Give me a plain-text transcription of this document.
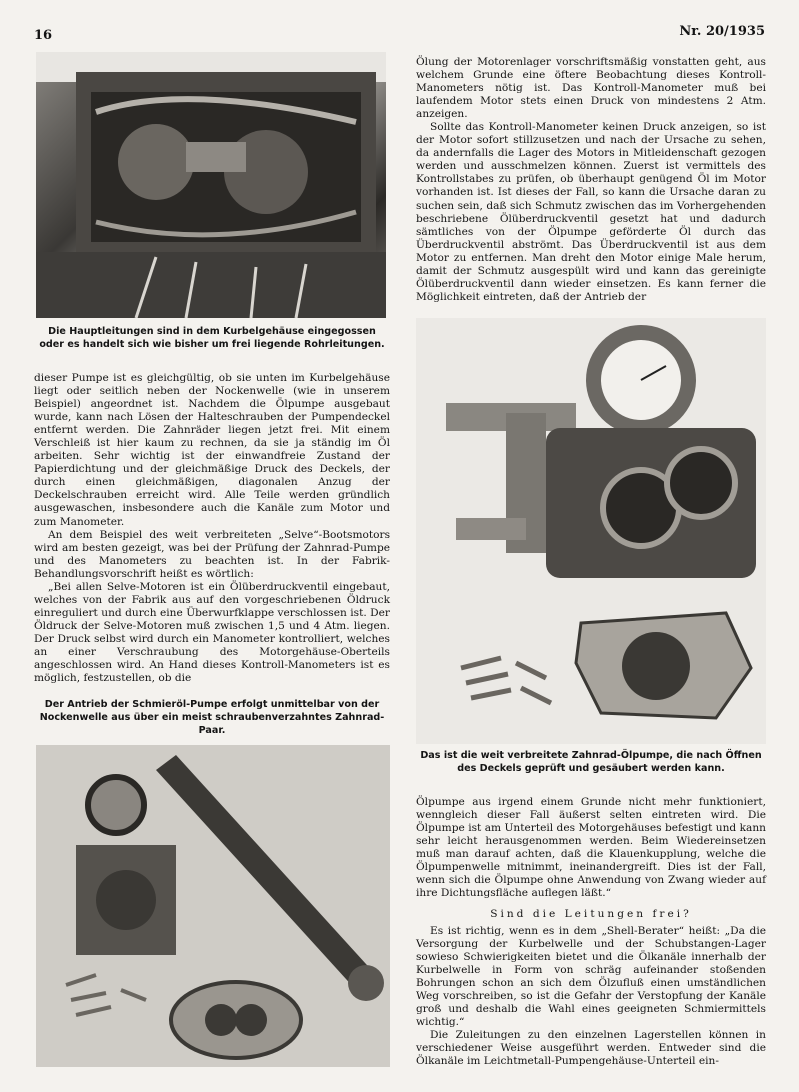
16	Nr. 20/1935

Die Hauptleitungen sind in dem Kurbelgehäuse eingegossen oder es handelt sich wie bisher um frei liegende Rohrleitungen.

dieser Pumpe ist es gleichgültig, ob sie unten im Kurbelgehäuse liegt oder seitlich neben der Nockenwelle (wie in unserem Beispiel) angeordnet ist. Nachdem die Ölpumpe ausgebaut wurde, kann nach Lösen der Halteschrauben der Pumpendeckel entfernt werden. Die Zahnräder liegen jetzt frei. Mit einem Verschleiß ist hier kaum zu rechnen, da sie ja ständig im Öl arbeiten. Sehr wichtig ist der einwandfreie Zustand der Papierdichtung und der gleichmäßige Druck des Deckels, der durch einen gleichmäßigen, diagonalen Anzug der Deckelschrauben erreicht wird. Alle Teile werden gründlich ausgewaschen, insbesondere auch die Kanäle zum Motor und zum Manometer.

An dem Beispiel des weit verbreiteten „Selve“-Bootsmotors wird am besten gezeigt, was bei der Prüfung der Zahnrad-Pumpe und des Manometers zu beachten ist. In der Fabrik-Behandlungsvorschrift heißt es wörtlich:

„Bei allen Selve-Motoren ist ein Ölüberdruckventil eingebaut, welches von der Fabrik aus auf den vorgeschriebenen Öldruck einreguliert und durch eine Überwurfklappe verschlossen ist. Der Öldruck der Selve-Motoren muß zwischen 1,5 und 4 Atm. liegen. Der Druck selbst wird durch ein Manometer kontrolliert, welches an einer Verschraubung des Motorgehäuse-Oberteils angeschlossen wird. An Hand dieses Kontroll-Manometers ist es möglich, festzustellen, ob die

Der Antrieb der Schmieröl-Pumpe erfolgt unmittelbar von der Nockenwelle aus über ein meist schraubenverzahntes Zahnrad-Paar.

Ölung der Motorenlager vorschriftsmäßig vonstatten geht, aus welchem Grunde eine öftere Beobachtung dieses Kontroll-Manometers nötig ist. Das Kontroll-Manometer muß bei laufendem Motor stets einen Druck von mindestens 2 Atm. anzeigen.

Sollte das Kontroll-Manometer keinen Druck anzeigen, so ist der Motor sofort stillzusetzen und nach der Ursache zu sehen, da andernfalls die Lager des Motors in Mitleidenschaft gezogen werden und ausschmelzen können. Zuerst ist vermittels des Kontrollstabes zu prüfen, ob überhaupt genügend Öl im Motor vorhanden ist. Ist dieses der Fall, so kann die Ursache daran zu suchen sein, daß sich Schmutz zwischen das im Vorhergehenden beschriebene Ölüberdruckventil gesetzt hat und dadurch sämtliches von der Ölpumpe geförderte Öl durch das Überdruckventil abströmt. Das Überdruckventil ist aus dem Motor zu entfernen. Man dreht den Motor einige Male herum, damit der Schmutz ausgespült wird und kann das gereinigte Ölüberdruckventil dann wieder einsetzen. Es kann ferner die Möglichkeit eintreten, daß der Antrieb der

Das ist die weit verbreitete Zahnrad-Ölpumpe, die nach Öffnen des Deckels geprüft und gesäubert werden kann.

Ölpumpe aus irgend einem Grunde nicht mehr funktioniert, wenngleich dieser Fall äußerst selten eintreten wird. Die Ölpumpe ist am Unterteil des Motorgehäuses befestigt und kann sehr leicht herausgenommen werden. Beim Wiedereinsetzen muß man darauf achten, daß die Klauenkupplung, welche die Ölpumpenwelle mitnimmt, ineinandergreift. Dies ist der Fall, wenn sich die Ölpumpe ohne Anwendung von Zwang wieder auf ihre Dichtungsfläche auflegen läßt.“

Sind die Leitungen frei?

Es ist richtig, wenn es in dem „Shell-Berater“ heißt: „Da die Versorgung der Kurbelwelle und der Schubstangen-Lager sowieso Schwierigkeiten bietet und die Ölkanäle innerhalb der Kurbelwelle in Form von schräg aufeinander stoßenden Bohrungen schon an sich dem Ölzufluß einen umständlichen Weg vorschreiben, so ist die Gefahr der Verstopfung der Kanäle groß und deshalb die Wahl eines geeigneten Schmiermittels wichtig.“

Die Zuleitungen zu den einzelnen Lagerstellen können in verschiedener Weise ausgeführt werden. Entweder sind die Ölkanäle im Leichtmetall-Pumpengehäuse-Unterteil ein-
